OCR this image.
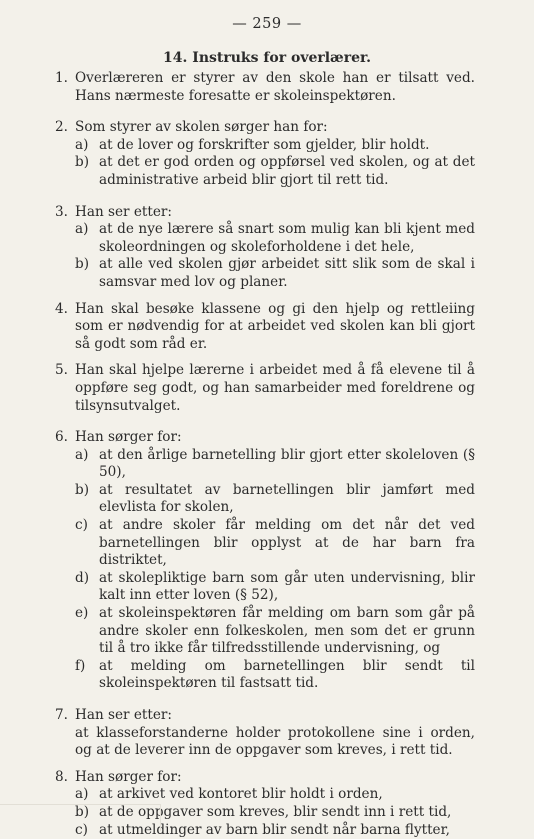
— 259 —
14. Instruks for overlærer.
1. Overlæreren er styrer av den skole han er tilsatt ved. Hans nærmeste foresatte er skoleinspektøren.
2. Som styrer av skolen sørger han for:
a) at de lover og forskrifter som gjelder, blir holdt.
b) at det er god orden og oppførsel ved skolen, og at det administrative arbeid blir gjort til rett tid.
3. Han ser etter:
a) at de nye lærere så snart som mulig kan bli kjent med skoleordningen og skoleforholdene i det hele,
b) at alle ved skolen gjør arbeidet sitt slik som de skal i samsvar med lov og planer.
4. Han skal besøke klassene og gi den hjelp og rettleiing som er nødvendig for at arbeidet ved skolen kan bli gjort så godt som råd er.
5. Han skal hjelpe lærerne i arbeidet med å få elevene til å oppføre seg godt, og han samarbeider med foreldrene og tilsynsutvalget.
6. Han sørger for:
a) at den årlige barnetelling blir gjort etter skoleloven (§ 50),
b) at resultatet av barnetellingen blir jamført med elevlista for skolen,
c) at andre skoler får melding om det når det ved barnetellingen blir opplyst at de har barn fra distriktet,
d) at skolepliktige barn som går uten undervisning, blir kalt inn etter loven (§ 52),
e) at skoleinspektøren får melding om barn som går på andre skoler enn folkeskolen, men som det er grunn til å tro ikke får tilfredsstillende undervisning, og
f)	at melding om barnetellingen blir sendt til skoleinspektøren til fastsatt tid.
7. Han ser etter:
at klasseforstanderne holder protokollene sine i orden, og at de leverer inn de oppgaver som kreves, i rett tid.
8. Han sørger for:
a) at arkivet ved kontoret blir holdt i orden,
b) at de oppgaver som kreves, blir sendt inn i rett tid,
c) at utmeldinger av barn blir sendt når barna flytter,
